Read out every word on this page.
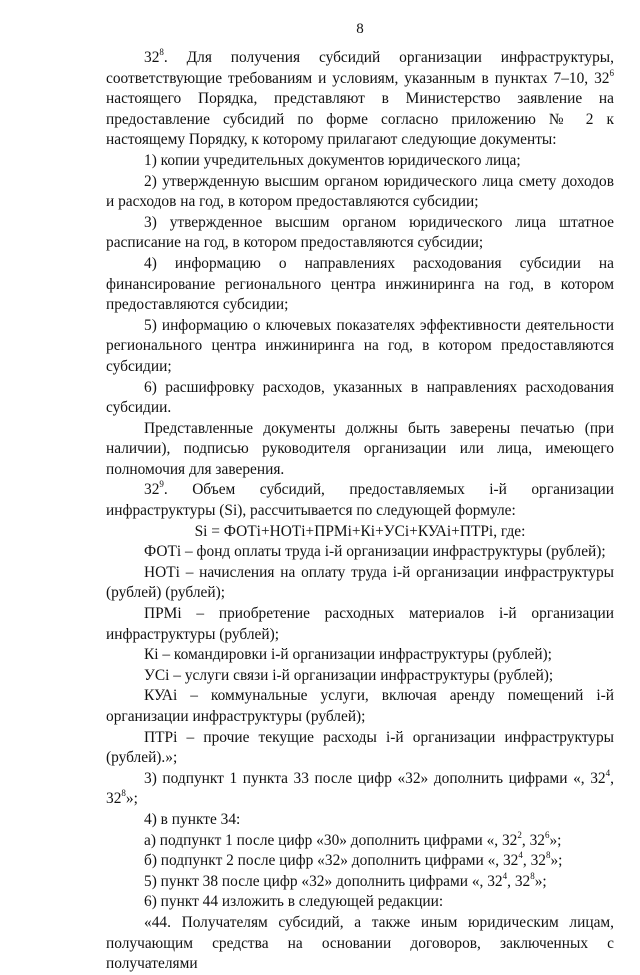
8

$32^8$. Для получения субсидий организации инфраструктуры, соответствующие требованиям и условиям, указанным в пунктах 7–10, $32^6$ настоящего Порядка, представляют в Министерство заявление на предоставление субсидий по форме согласно приложению № 2 к настоящему Порядку, к которому прилагают следующие документы:

1) копии учредительных документов юридического лица;

2) утвержденную высшим органом юридического лица смету доходов и расходов на год, в котором предоставляются субсидии;

3) утвержденное высшим органом юридического лица штатное расписание на год, в котором предоставляются субсидии;

4) информацию о направлениях расходования субсидии на финансирование регионального центра инжиниринга на год, в котором предоставляются субсидии;

5) информацию о ключевых показателях эффективности деятельности регионального центра инжиниринга на год, в котором предоставляются субсидии;

6) расшифровку расходов, указанных в направлениях расходования субсидии.

Представленные документы должны быть заверены печатью (при наличии), подписью руководителя организации или лица, имеющего полномочия для заверения.

$32^9$. Объем субсидий, предоставляемых i-й организации инфраструктуры (Si), рассчитывается по следующей формуле:

Si = ФОТi+НОТi+ПРМi+Кi+УСi+КУАi+ПТРi, где:

ФОТi – фонд оплаты труда i-й организации инфраструктуры (рублей);

НОТi – начисления на оплату труда i-й организации инфраструктуры (рублей) (рублей);

ПРМi – приобретение расходных материалов i-й организации инфраструктуры (рублей);

Кi – командировки i-й организации инфраструктуры (рублей);

УСi – услуги связи i-й организации инфраструктуры (рублей);

КУАi – коммунальные услуги, включая аренду помещений i-й организации инфраструктуры (рублей);

ПТРi – прочие текущие расходы i-й организации инфраструктуры (рублей).»;

3) подпункт 1 пункта 33 после цифр «32» дополнить цифрами «, $32^4$, $32^8$»;

4) в пункте 34:

а) подпункт 1 после цифр «30» дополнить цифрами «, $32^2$, $32^6$»;

б) подпункт 2 после цифр «32» дополнить цифрами «, $32^4$, $32^8$»;

5) пункт 38 после цифр «32» дополнить цифрами «, $32^4$, $32^8$»;

6) пункт 44 изложить в следующей редакции:

«44. Получателям субсидий, а также иным юридическим лицам, получающим средства на основании договоров, заключенных с получателями
